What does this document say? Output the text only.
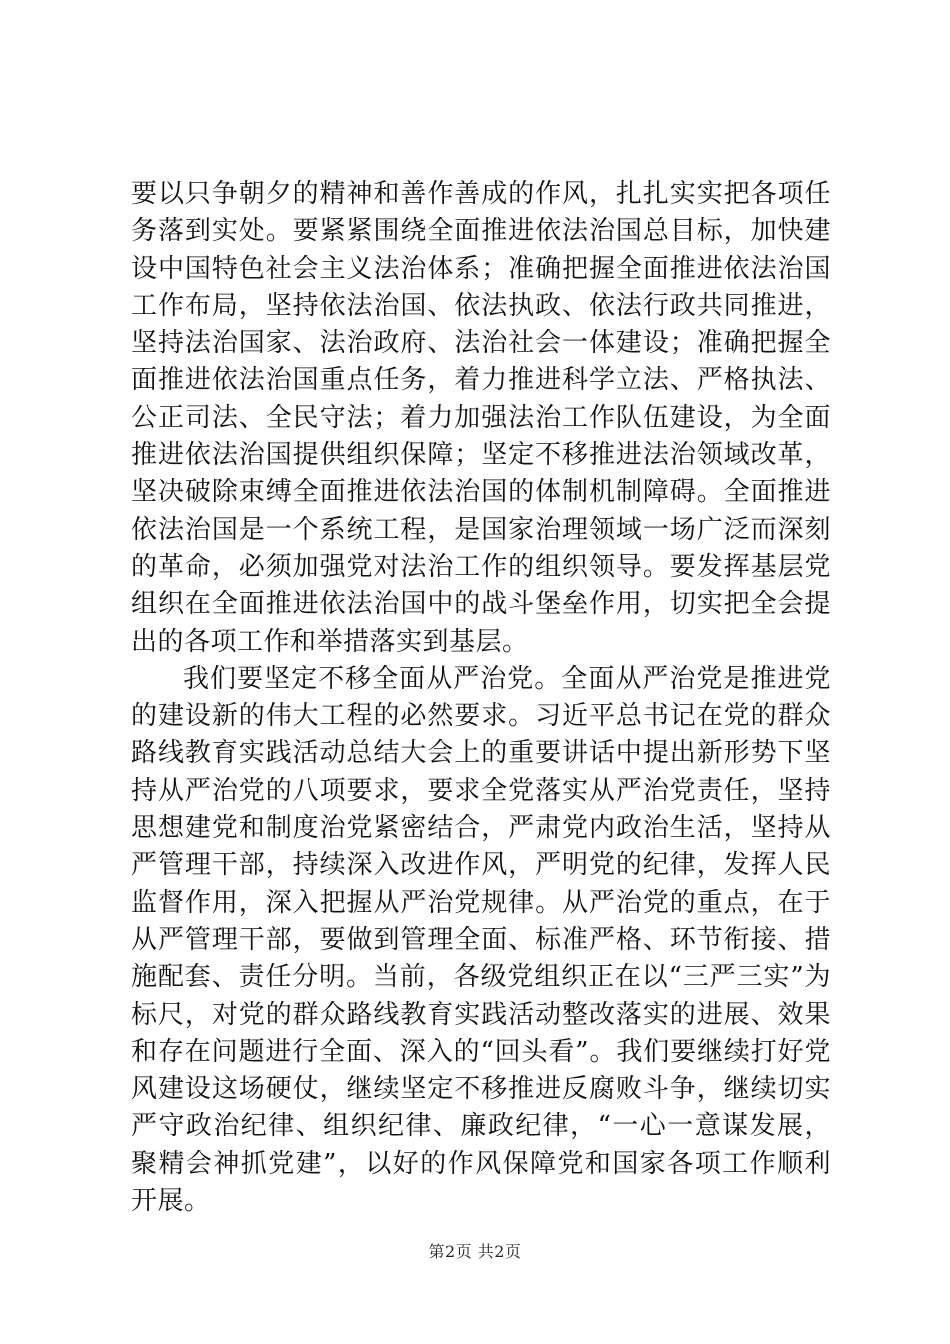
要以只争朝夕的精神和善作善成的作风，扎扎实实把各项任务落到实处。要紧紧围绕全面推进依法治国总目标，加快建设中国特色社会主义法治体系；准确把握全面推进依法治国工作布局，坚持依法治国、依法执政、依法行政共同推进，坚持法治国家、法治政府、法治社会一体建设；准确把握全面推进依法治国重点任务，着力推进科学立法、严格执法、公正司法、全民守法；着力加强法治工作队伍建设，为全面推进依法治国提供组织保障；坚定不移推进法治领域改革，坚决破除束缚全面推进依法治国的体制机制障碍。全面推进依法治国是一个系统工程，是国家治理领域一场广泛而深刻的革命，必须加强党对法治工作的组织领导。要发挥基层党组织在全面推进依法治国中的战斗堡垒作用，切实把全会提出的各项工作和举措落实到基层。

我们要坚定不移全面从严治党。全面从严治党是推进党的建设新的伟大工程的必然要求。习近平总书记在党的群众路线教育实践活动总结大会上的重要讲话中提出新形势下坚持从严治党的八项要求，要求全党落实从严治党责任，坚持思想建党和制度治党紧密结合，严肃党内政治生活，坚持从严管理干部，持续深入改进作风，严明党的纪律，发挥人民监督作用，深入把握从严治党规律。从严治党的重点，在于从严管理干部，要做到管理全面、标准严格、环节衔接、措施配套、责任分明。当前，各级党组织正在以“三严三实”为标尺，对党的群众路线教育实践活动整改落实的进展、效果和存在问题进行全面、深入的“回头看”。我们要继续打好党风建设这场硬仗，继续坚定不移推进反腐败斗争，继续切实严守政治纪律、组织纪律、廉政纪律，“一心一意谋发展，聚精会神抓党建”，以好的作风保障党和国家各项工作顺利开展。

第2页 共2页
